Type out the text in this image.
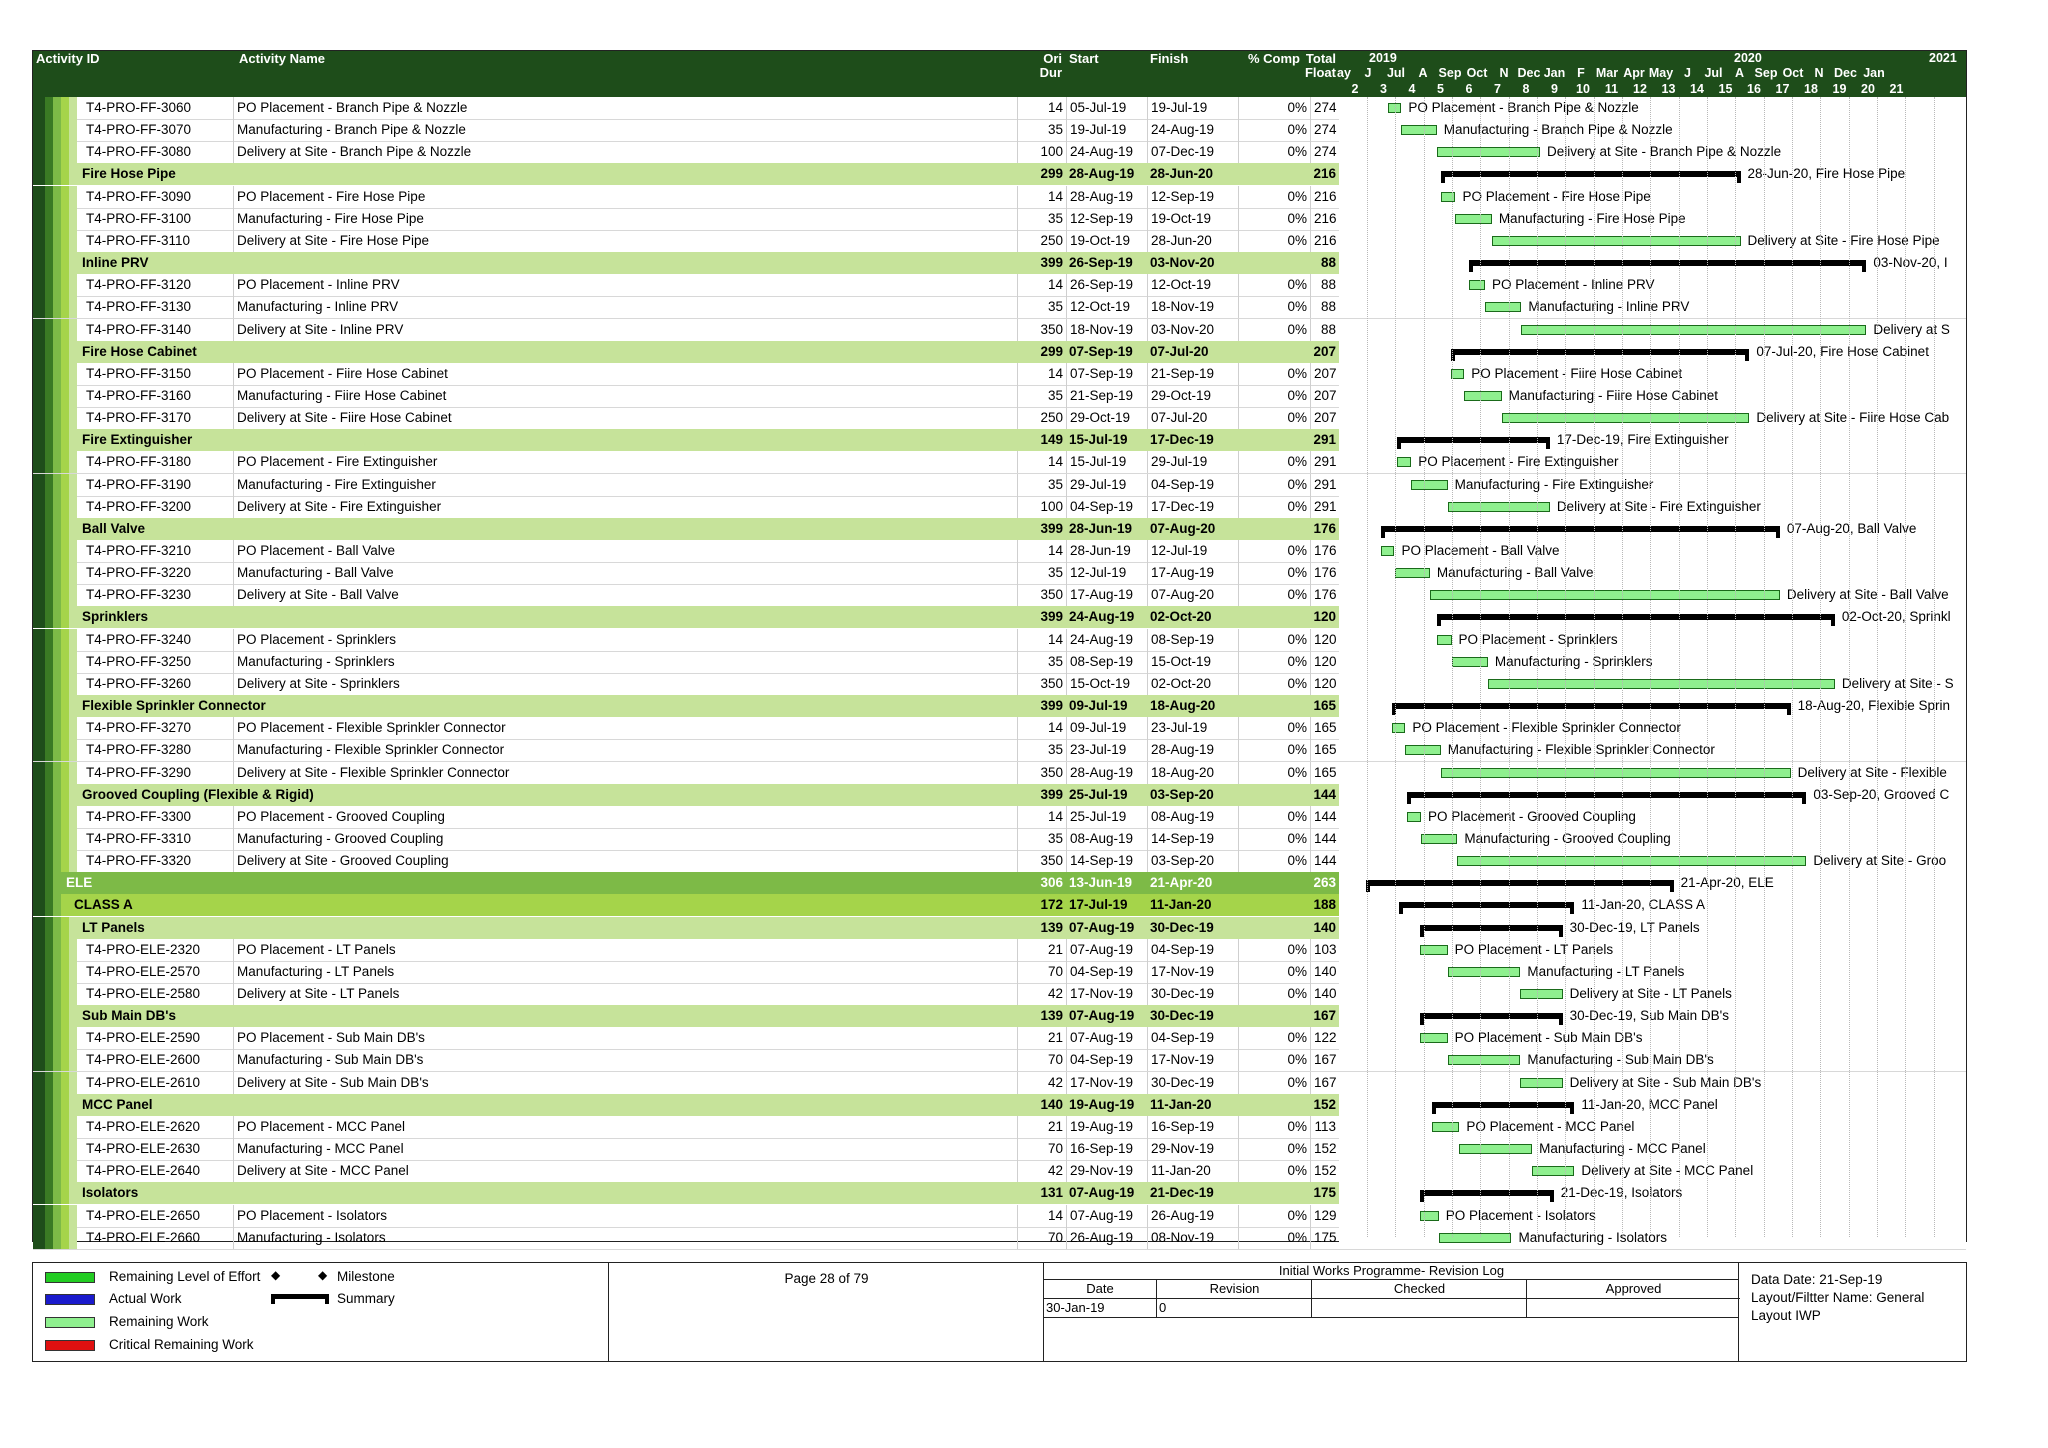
Activity ID	Activity Name	Ori Dur
Start	Finish	% Comp Total Float
2019	2020	2021
ay	J	Jul	A Sep Oct N Dec Jan F Mar Apr May J	Jul A Sep Oct N Dec Jan
2	3	4	5	6	7	8	9	10	11	12	13	14	15	16	17	18	19	20	21
T4-PRO-FF-3060	PO Placement - Branch Pipe & Nozzle	14 05-Jul-19	19-Jul-19	0% 274	PO Placement - Branch Pipe & Nozzle
T4-PRO-FF-3070	Manufacturing - Branch Pipe & Nozzle	35 19-Jul-19	24-Aug-19	0% 274	Manufacturing - Branch Pipe & Nozzle
T4-PRO-FF-3080	Delivery at Site - Branch Pipe & Nozzle	100 24-Aug-19	07-Dec-19	0% 274	Delivery at Site - Branch Pipe & Nozzle
Fire Hose Pipe	299 28-Aug-19	28-Jun-20	216	28-Jun-20, Fire Hose Pipe
T4-PRO-FF-3090	PO Placement - Fire Hose Pipe	14 28-Aug-19	12-Sep-19	0% 216	PO Placement - Fire Hose Pipe
T4-PRO-FF-3100	Manufacturing - Fire Hose Pipe	35 12-Sep-19	19-Oct-19	0% 216	Manufacturing - Fire Hose Pipe
T4-PRO-FF-3110	Delivery at Site - Fire Hose Pipe	250 19-Oct-19	28-Jun-20	0% 216	Delivery at Site - Fire Hose Pipe
Inline PRV	399 26-Sep-19	03-Nov-20	88	03-Nov-20, I
T4-PRO-FF-3120	PO Placement - Inline PRV	14 26-Sep-19	12-Oct-19	0%	88	PO Placement - Inline PRV
T4-PRO-FF-3130	Manufacturing - Inline PRV	35 12-Oct-19	18-Nov-19	0%	88	Manufacturing - Inline PRV
T4-PRO-FF-3140	Delivery at Site - Inline PRV	350 18-Nov-19	03-Nov-20	0%	88	Delivery at S
Fire Hose Cabinet	299 07-Sep-19	07-Jul-20	207	07-Jul-20, Fire Hose Cabinet
T4-PRO-FF-3150	PO Placement - Fiire Hose Cabinet	14 07-Sep-19	21-Sep-19	0% 207	PO Placement - Fiire Hose Cabinet
T4-PRO-FF-3160	Manufacturing - Fiire Hose Cabinet	35 21-Sep-19	29-Oct-19	0% 207	Manufacturing - Fiire Hose Cabinet
T4-PRO-FF-3170	Delivery at Site - Fiire Hose Cabinet	250 29-Oct-19	07-Jul-20	0% 207	Delivery at Site - Fiire Hose Cab
Fire Extinguisher	149 15-Jul-19	17-Dec-19	291	17-Dec-19, Fire Extinguisher
T4-PRO-FF-3180	PO Placement - Fire Extinguisher	14 15-Jul-19	29-Jul-19	0% 291	PO Placement - Fire Extinguisher
T4-PRO-FF-3190	Manufacturing - Fire Extinguisher	35 29-Jul-19	04-Sep-19	0% 291	Manufacturing - Fire Extinguisher
T4-PRO-FF-3200	Delivery at Site - Fire Extinguisher	100 04-Sep-19	17-Dec-19	0% 291	Delivery at Site - Fire Extinguisher
Ball Valve	399 28-Jun-19	07-Aug-20	176	07-Aug-20, Ball Valve
T4-PRO-FF-3210	PO Placement - Ball Valve	14 28-Jun-19	12-Jul-19	0% 176	PO Placement - Ball Valve
T4-PRO-FF-3220	Manufacturing - Ball Valve	35 12-Jul-19	17-Aug-19	0% 176	Manufacturing - Ball Valve
T4-PRO-FF-3230	Delivery at Site - Ball Valve	350 17-Aug-19	07-Aug-20	0% 176	Delivery at Site - Ball Valve
Sprinklers	399 24-Aug-19	02-Oct-20	120	02-Oct-20, Sprinkl
T4-PRO-FF-3240	PO Placement - Sprinklers	14 24-Aug-19	08-Sep-19	0% 120	PO Placement - Sprinklers
T4-PRO-FF-3250	Manufacturing - Sprinklers	35 08-Sep-19	15-Oct-19	0% 120	Manufacturing - Sprinklers
T4-PRO-FF-3260	Delivery at Site - Sprinklers	350 15-Oct-19	02-Oct-20	0% 120	Delivery at Site - S
Flexible Sprinkler Connector	399 09-Jul-19	18-Aug-20	165	18-Aug-20, Flexible Sprin
T4-PRO-FF-3270	PO Placement - Flexible Sprinkler Connector	14 09-Jul-19	23-Jul-19	0% 165	PO Placement - Flexible Sprinkler Connector
T4-PRO-FF-3280	Manufacturing - Flexible Sprinkler Connector	35 23-Jul-19	28-Aug-19	0% 165	Manufacturing - Flexible Sprinkler Connector
T4-PRO-FF-3290	Delivery at Site - Flexible Sprinkler Connector	350 28-Aug-19	18-Aug-20	0% 165	Delivery at Site - Flexible
Grooved Coupling (Flexible & Rigid)	399 25-Jul-19	03-Sep-20	144	03-Sep-20, Grooved C
T4-PRO-FF-3300	PO Placement - Grooved Coupling	14 25-Jul-19	08-Aug-19	0% 144	PO Placement - Grooved Coupling
T4-PRO-FF-3310	Manufacturing - Grooved Coupling	35 08-Aug-19	14-Sep-19	0% 144	Manufacturing - Grooved Coupling
T4-PRO-FF-3320	Delivery at Site - Grooved Coupling	350 14-Sep-19	03-Sep-20	0% 144	Delivery at Site - Groo
ELE	306 13-Jun-19	21-Apr-20	263	21-Apr-20, ELE
CLASS A	172 17-Jul-19	11-Jan-20	188	11-Jan-20, CLASS A
LT Panels	139 07-Aug-19	30-Dec-19	140	30-Dec-19, LT Panels
T4-PRO-ELE-2320	PO Placement - LT Panels	21 07-Aug-19	04-Sep-19	0% 103	PO Placement - LT Panels
T4-PRO-ELE-2570	Manufacturing - LT Panels	70 04-Sep-19	17-Nov-19	0% 140	Manufacturing - LT Panels
T4-PRO-ELE-2580	Delivery at Site - LT Panels	42 17-Nov-19	30-Dec-19	0% 140	Delivery at Site - LT Panels
Sub Main DB's	139 07-Aug-19	30-Dec-19	167	30-Dec-19, Sub Main DB's
T4-PRO-ELE-2590	PO Placement - Sub Main DB's	21 07-Aug-19	04-Sep-19	0% 122	PO Placement - Sub Main DB's
T4-PRO-ELE-2600	Manufacturing - Sub Main DB's	70 04-Sep-19	17-Nov-19	0% 167	Manufacturing - Sub Main DB's
T4-PRO-ELE-2610	Delivery at Site - Sub Main DB's	42 17-Nov-19	30-Dec-19	0% 167	Delivery at Site - Sub Main DB's
MCC Panel	140 19-Aug-19	11-Jan-20	152	11-Jan-20, MCC Panel
T4-PRO-ELE-2620	PO Placement - MCC Panel	21 19-Aug-19	16-Sep-19	0% 113	PO Placement - MCC Panel
T4-PRO-ELE-2630	Manufacturing - MCC Panel	70 16-Sep-19	29-Nov-19	0% 152	Manufacturing - MCC Panel
T4-PRO-ELE-2640	Delivery at Site - MCC Panel	42 29-Nov-19	11-Jan-20	0% 152	Delivery at Site - MCC Panel
Isolators	131 07-Aug-19	21-Dec-19	175	21-Dec-19, Isolators
T4-PRO-ELE-2650	PO Placement - Isolators	14 07-Aug-19	26-Aug-19	0% 129	PO Placement - Isolators
T4-PRO-ELE-2660	Manufacturing - Isolators	70 26-Aug-19	08-Nov-19	0% 175	Manufacturing - Isolators
Remaining Level of Effort ◆	◆ Milestone
Actual Work	Summary
Remaining Work
Critical Remaining Work
Page 28 of 79
Initial Works Programme- Revision Log
Date	Revision	Checked	Approved
30-Jan-19	0
Data Date: 21-Sep-19
Layout/Filtter Name: General
Layout IWP
